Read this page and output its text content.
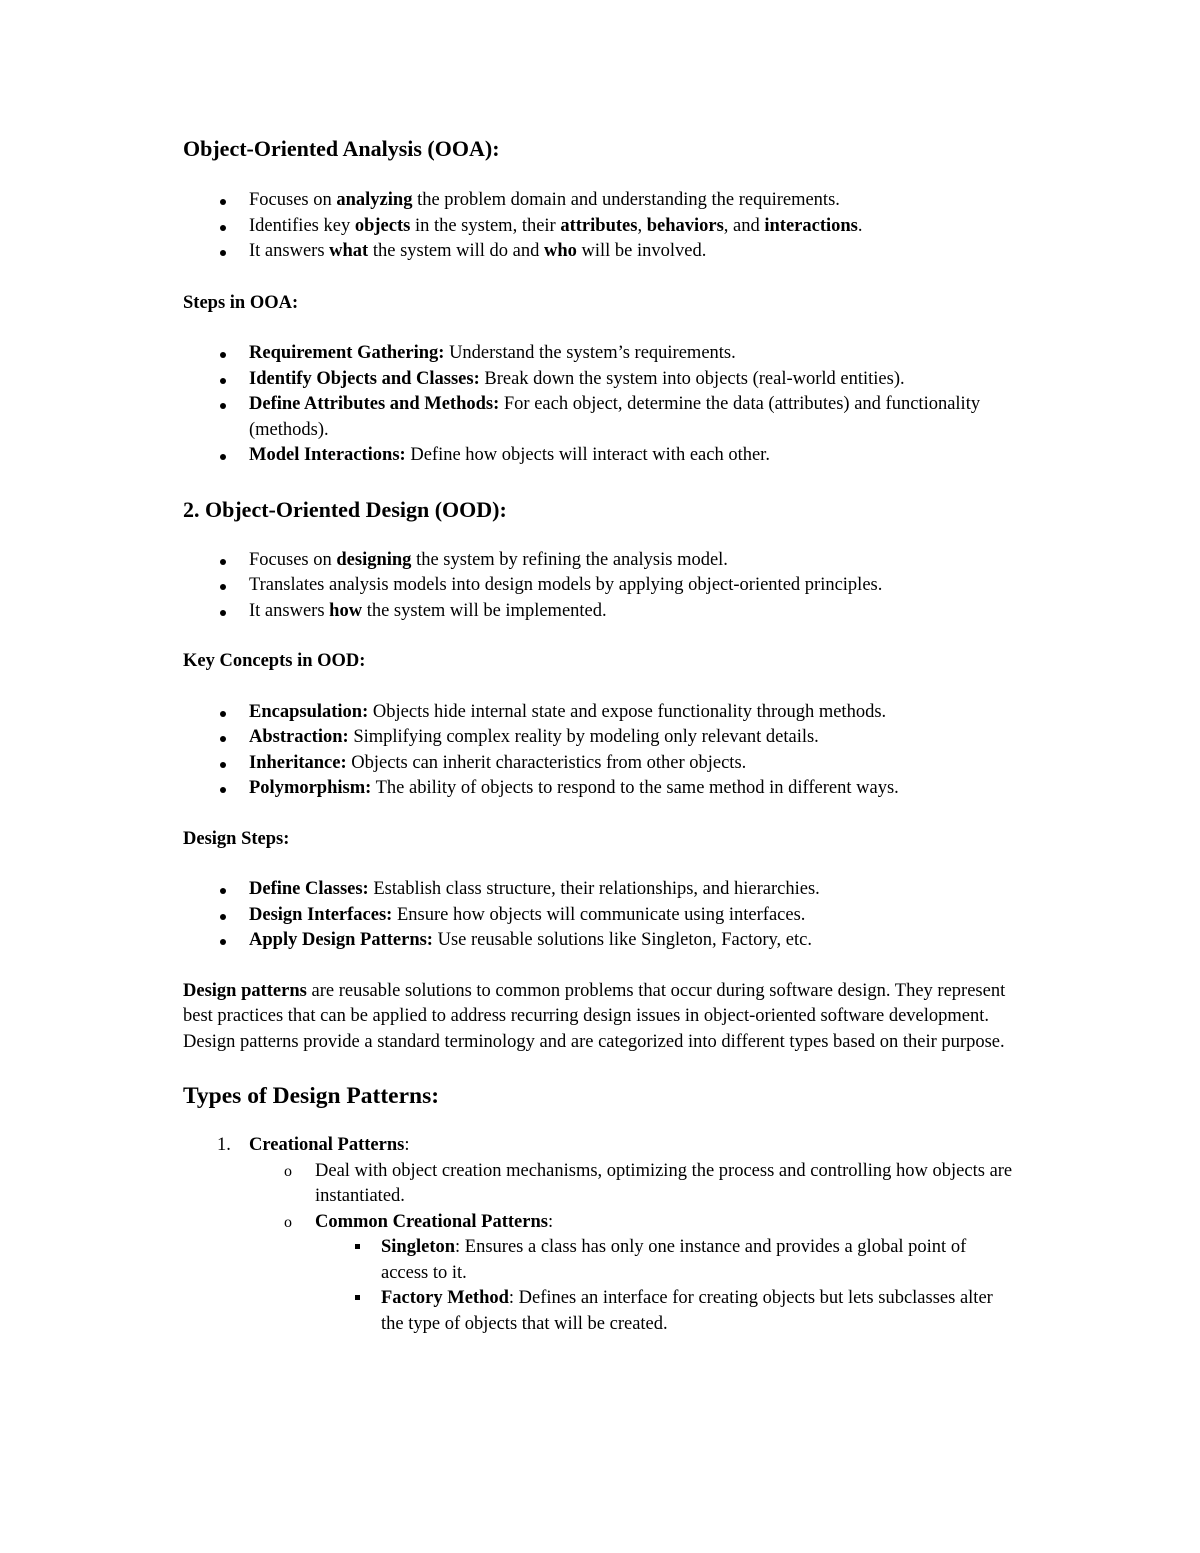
Object-Oriented Analysis (OOA):
Focuses on analyzing the problem domain and understanding the requirements.
Identifies key objects in the system, their attributes, behaviors, and interactions.
It answers what the system will do and who will be involved.

Steps in OOA:

Requirement Gathering: Understand the system’s requirements.
Identify Objects and Classes: Break down the system into objects (real-world entities).
Define Attributes and Methods: For each object, determine the data (attributes) and functionality (methods).
Model Interactions: Define how objects will interact with each other.
2. Object-Oriented Design (OOD):
Focuses on designing the system by refining the analysis model.
Translates analysis models into design models by applying object-oriented principles.
It answers how the system will be implemented.

Key Concepts in OOD:

Encapsulation: Objects hide internal state and expose functionality through methods.
Abstraction: Simplifying complex reality by modeling only relevant details.
Inheritance: Objects can inherit characteristics from other objects.
Polymorphism: The ability of objects to respond to the same method in different ways.

Design Steps:

Define Classes: Establish class structure, their relationships, and hierarchies.
Design Interfaces: Ensure how objects will communicate using interfaces.
Apply Design Patterns: Use reusable solutions like Singleton, Factory, etc.

Design patterns are reusable solutions to common problems that occur during software design. They represent best practices that can be applied to address recurring design issues in object-oriented software development. Design patterns provide a standard terminology and are categorized into different types based on their purpose.

Types of Design Patterns:
1. Creational Patterns:
o Deal with object creation mechanisms, optimizing the process and controlling how objects are instantiated.
o Common Creational Patterns:
Singleton: Ensures a class has only one instance and provides a global point of access to it.
Factory Method: Defines an interface for creating objects but lets subclasses alter the type of objects that will be created.
